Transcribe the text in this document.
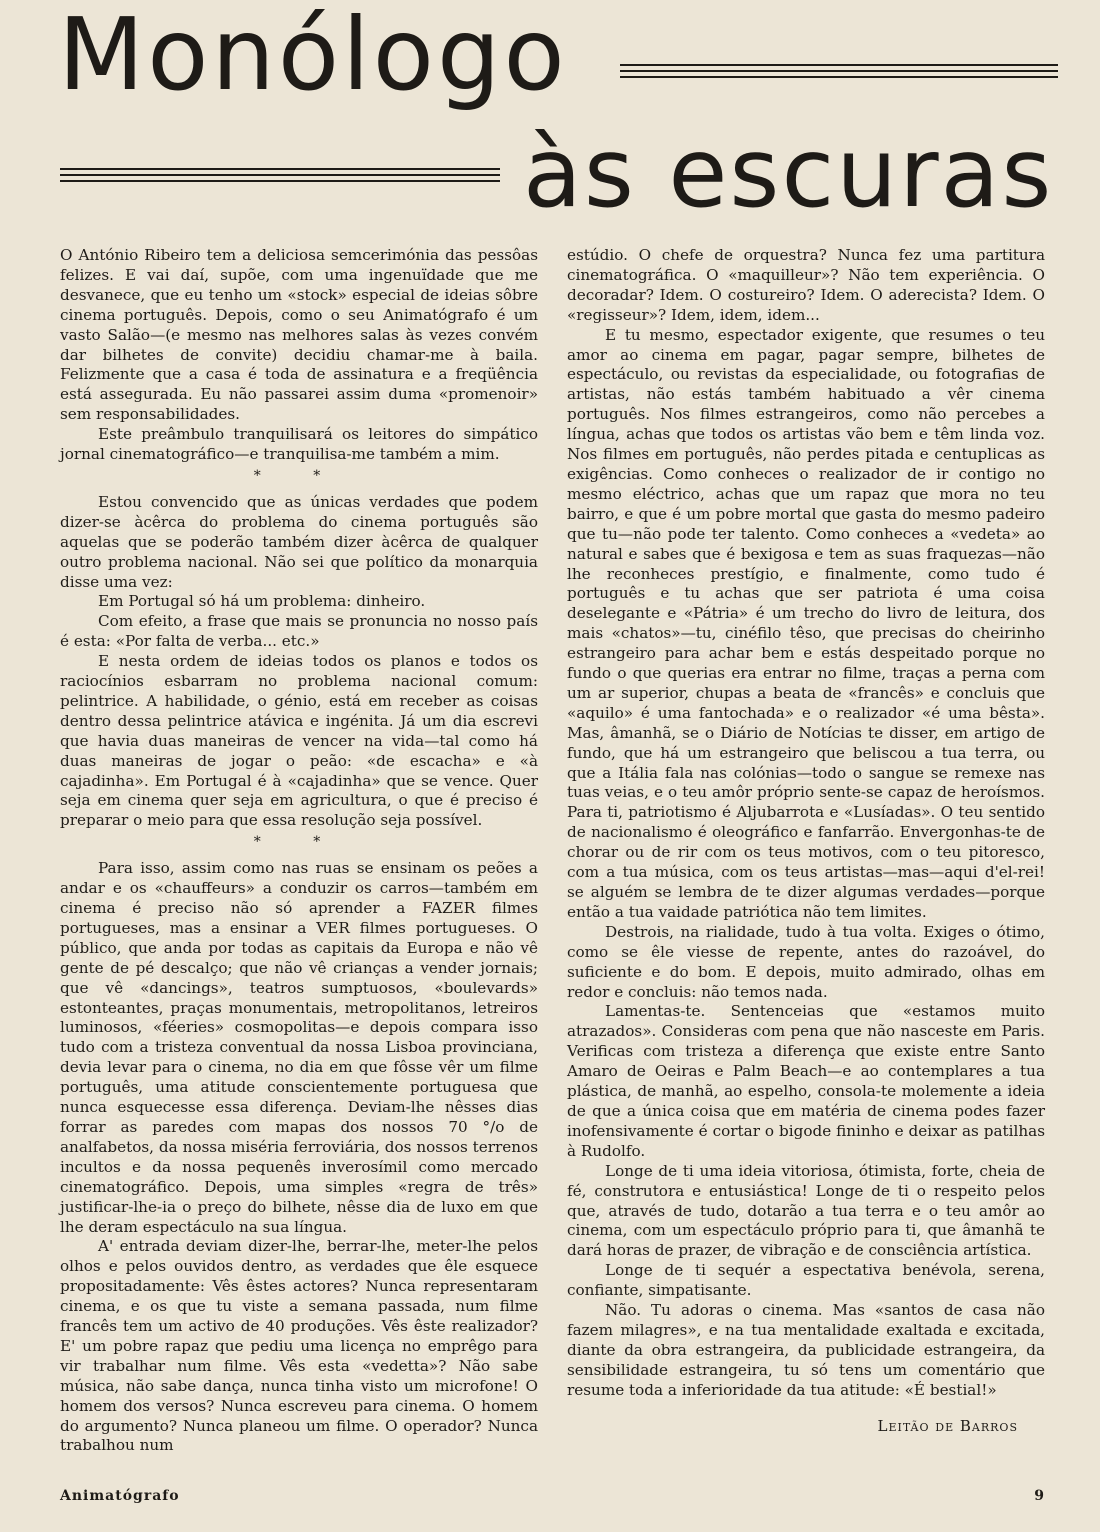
Monólogo
às escuras

O António Ribeiro tem a deliciosa semcerimónia das pessôas felizes. E vai daí, supõe, com uma ingenuïdade que me desvanece, que eu tenho um «stock» especial de ideias sôbre cinema português. Depois, como o seu Animatógrafo é um vasto Salão—(e mesmo nas melhores salas às vezes convém dar bilhetes de convite) decidiu chamar-me à baila. Felizmente que a casa é toda de assinatura e a freqüência está assegurada. Eu não passarei assim duma «promenoir» sem responsabilidades.

Este preâmbulo tranquilisará os leitores do simpático jornal cinematográfico—e tranquilisa-me também a mim.

* *

Estou convencido que as únicas verdades que podem dizer-se àcêrca do problema do cinema português são aquelas que se poderão também dizer àcêrca de qualquer outro problema nacional. Não sei que político da monarquia disse uma vez:

Em Portugal só há um problema: dinheiro.

Com efeito, a frase que mais se pronuncia no nosso país é esta: «Por falta de verba... etc.»

E nesta ordem de ideias todos os planos e todos os raciocínios esbarram no problema nacional comum: pelintrice. A habilidade, o génio, está em receber as coisas dentro dessa pelintrice atávica e ingénita. Já um dia escrevi que havia duas maneiras de vencer na vida—tal como há duas maneiras de jogar o peão: «de escacha» e «à cajadinha». Em Portugal é à «cajadinha» que se vence. Quer seja em cinema quer seja em agricultura, o que é preciso é preparar o meio para que essa resolução seja possível.

* *

Para isso, assim como nas ruas se ensinam os peões a andar e os «chauffeurs» a conduzir os carros—também em cinema é preciso não só aprender a FAZER filmes portugueses, mas a ensinar a VER filmes portugueses. O público, que anda por todas as capitais da Europa e não vê gente de pé descalço; que não vê crianças a vender jornais; que vê «dancings», teatros sumptuosos, «boulevards» estonteantes, praças monumentais, metropolitanos, letreiros luminosos, «féeries» cosmopolitas—e depois compara isso tudo com a tristeza conventual da nossa Lisboa provinciana, devia levar para o cinema, no dia em que fôsse vêr um filme português, uma atitude conscientemente portuguesa que nunca esquecesse essa diferença. Deviam-lhe nêsses dias forrar as paredes com mapas dos nossos 70 °/o de analfabetos, da nossa miséria ferroviária, dos nossos terrenos incultos e da nossa pequenês inverosímil como mercado cinematográfico. Depois, uma simples «regra de três» justificar-lhe-ia o preço do bilhete, nêsse dia de luxo em que lhe deram espectáculo na sua língua.

A' entrada deviam dizer-lhe, berrar-lhe, meter-lhe pelos olhos e pelos ouvidos dentro, as verdades que êle esquece propositadamente: Vês êstes actores? Nunca representaram cinema, e os que tu viste a semana passada, num filme francês tem um activo de 40 produções. Vês êste realizador? E' um pobre rapaz que pediu uma licença no emprêgo para vir trabalhar num filme. Vês esta «vedetta»? Não sabe música, não sabe dança, nunca tinha visto um microfone! O homem dos versos? Nunca escreveu para cinema. O homem do argumento? Nunca planeou um filme. O operador? Nunca trabalhou num

estúdio. O chefe de orquestra? Nunca fez uma partitura cinematográfica. O «maquilleur»? Não tem experiência. O decoradar? Idem. O costureiro? Idem. O aderecista? Idem. O «regisseur»? Idem, idem, idem...

E tu mesmo, espectador exigente, que resumes o teu amor ao cinema em pagar, pagar sempre, bilhetes de espectáculo, ou revistas da especialidade, ou fotografias de artistas, não estás também habituado a vêr cinema português. Nos filmes estrangeiros, como não percebes a língua, achas que todos os artistas vão bem e têm linda voz. Nos filmes em português, não perdes pitada e centuplicas as exigências. Como conheces o realizador de ir contigo no mesmo eléctrico, achas que um rapaz que mora no teu bairro, e que é um pobre mortal que gasta do mesmo padeiro que tu—não pode ter talento. Como conheces a «vedeta» ao natural e sabes que é bexigosa e tem as suas fraquezas—não lhe reconheces prestígio, e finalmente, como tudo é português e tu achas que ser patriota é uma coisa deselegante e «Pátria» é um trecho do livro de leitura, dos mais «chatos»—tu, cinéfilo têso, que precisas do cheirinho estrangeiro para achar bem e estás despeitado porque no fundo o que querias era entrar no filme, traças a perna com um ar superior, chupas a beata de «francês» e concluis que «aquilo» é uma fantochada» e o realizador «é uma bêsta». Mas, âmanhã, se o Diário de Notícias te disser, em artigo de fundo, que há um estrangeiro que beliscou a tua terra, ou que a Itália fala nas colónias—todo o sangue se remexe nas tuas veias, e o teu amôr próprio sente-se capaz de heroísmos. Para ti, patriotismo é Aljubarrota e «Lusíadas». O teu sentido de nacionalismo é oleográfico e fanfarrão. Envergonhas-te de chorar ou de rir com os teus motivos, com o teu pitoresco, com a tua música, com os teus artistas—mas—aqui d'el-rei! se alguém se lembra de te dizer algumas verdades—porque então a tua vaidade patriótica não tem limites.

Destrois, na rialidade, tudo à tua volta. Exiges o ótimo, como se êle viesse de repente, antes do razoável, do suficiente e do bom. E depois, muito admirado, olhas em redor e concluis: não temos nada.

Lamentas-te. Sentenceias que «estamos muito atrazados». Consideras com pena que não nasceste em Paris. Verificas com tristeza a diferença que existe entre Santo Amaro de Oeiras e Palm Beach—e ao contemplares a tua plástica, de manhã, ao espelho, consola-te molemente a ideia de que a única coisa que em matéria de cinema podes fazer inofensivamente é cortar o bigode fininho e deixar as patilhas à Rudolfo.

Longe de ti uma ideia vitoriosa, ótimista, forte, cheia de fé, construtora e entusiástica! Longe de ti o respeito pelos que, através de tudo, dotarão a tua terra e o teu amôr ao cinema, com um espectáculo próprio para ti, que âmanhã te dará horas de prazer, de vibração e de consciência artística.

Longe de ti sequér a espectativa benévola, serena, confiante, simpatisante.

Não. Tu adoras o cinema. Mas «santos de casa não fazem milagres», e na tua mentalidade exaltada e excitada, diante da obra estrangeira, da publicidade estrangeira, da sensibilidade estrangeira, tu só tens um comentário que resume toda a inferioridade da tua atitude: «É bestial!»

Leitão de Barros
Animatógrafo	9
